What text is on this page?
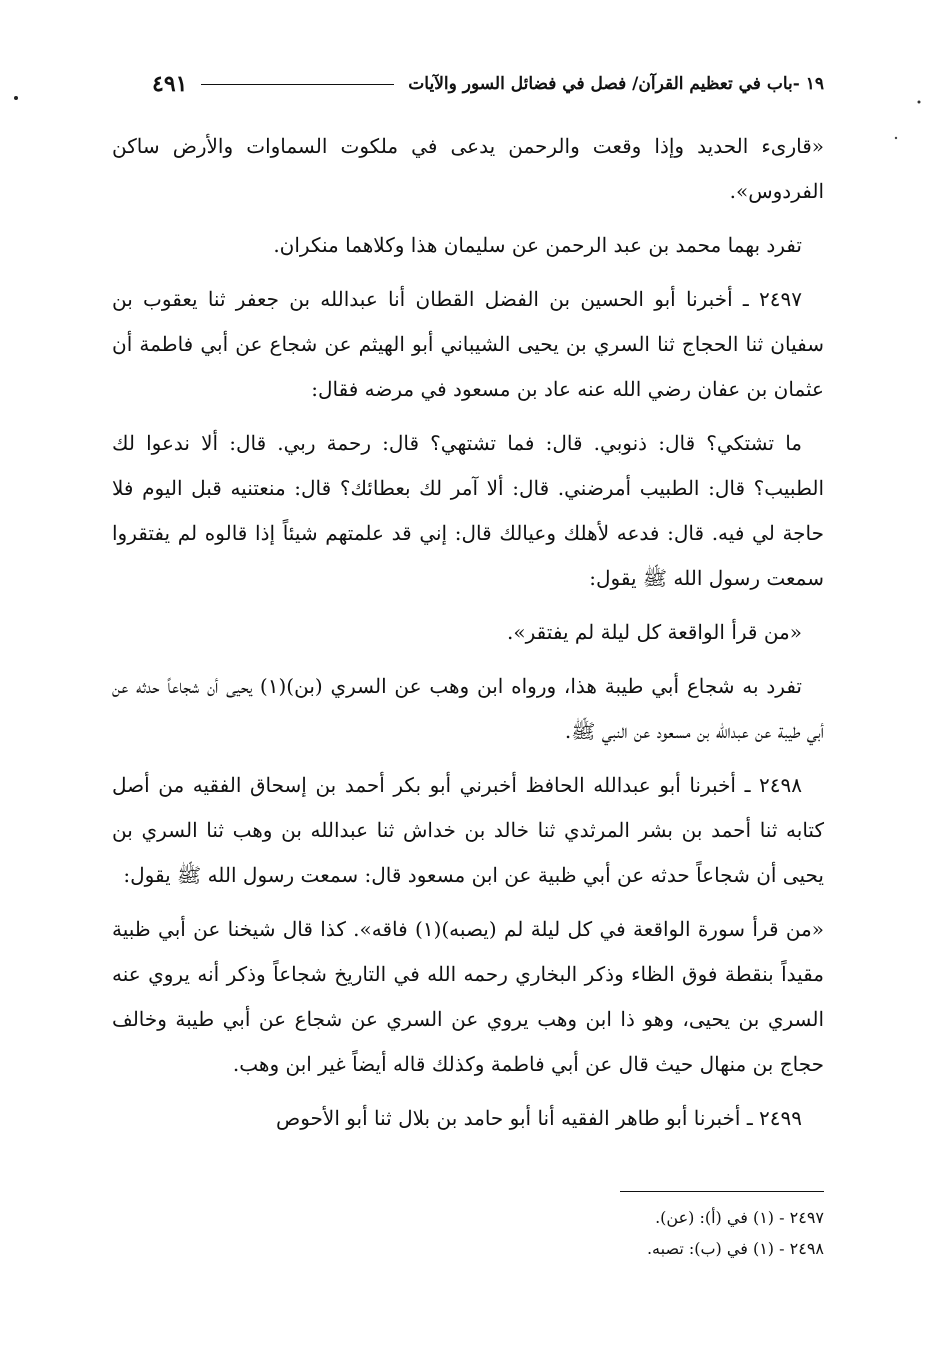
١٩ -باب في تعظيم القرآن/ فصل في فضائل السور والآيات
٤٩١

«قارىء الحديد وإذا وقعت والرحمن يدعى في ملكوت السماوات والأرض ساكن الفردوس».

تفرد بهما محمد بن عبد الرحمن عن سليمان هذا وكلاهما منكران.

٢٤٩٧ ـ أخبرنا أبو الحسين بن الفضل القطان أنا عبدالله بن جعفر ثنا يعقوب بن سفيان ثنا الحجاج ثنا السري بن يحيى الشيباني أبو الهيثم عن شجاع عن أبي فاطمة أن عثمان بن عفان رضي الله عنه عاد بن مسعود في مرضه فقال:

ما تشتكي؟ قال: ذنوبي. قال: فما تشتهي؟ قال: رحمة ربي. قال: ألا ندعوا لك الطبيب؟ قال: الطبيب أمرضني. قال: ألا آمر لك بعطائك؟ قال: منعتنيه قبل اليوم فلا حاجة لي فيه. قال: فدعه لأهلك وعيالك قال: إني قد علمتهم شيئاً إذا قالوه لم يفتقروا سمعت رسول الله ﷺ يقول:

«من قرأ الواقعة كل ليلة لم يفتقر».

تفرد به شجاع أبي طيبة هذا، ورواه ابن وهب عن السري (بن)(١) يحيى أن شجاعاً حدثه عن أبي طيبة عن عبدالله بن مسعود عن النبي ﷺ.

٢٤٩٨ ـ أخبرنا أبو عبدالله الحافظ أخبرني أبو بكر أحمد بن إسحاق الفقيه من أصل كتابه ثنا أحمد بن بشر المرثدي ثنا خالد بن خداش ثنا عبدالله بن وهب ثنا السري بن يحيى أن شجاعاً حدثه عن أبي ظبية عن ابن مسعود قال: سمعت رسول الله ﷺ يقول:

«من قرأ سورة الواقعة في كل ليلة لم (يصبه)(١) فاقه». كذا قال شيخنا عن أبي ظبية مقيداً بنقطة فوق الظاء وذكر البخاري رحمه الله في التاريخ شجاعاً وذكر أنه يروي عنه السري بن يحيى، وهو ذا ابن وهب يروي عن السري عن شجاع عن أبي طيبة وخالف حجاج بن منهال حيث قال عن أبي فاطمة وكذلك قاله أيضاً غير ابن وهب.

٢٤٩٩ ـ أخبرنا أبو طاهر الفقيه أنا أبو حامد بن بلال ثنا أبو الأحوص

٢٤٩٧ - (١) في (أ): (عن).
٢٤٩٨ - (١) في (ب): تصبه.
